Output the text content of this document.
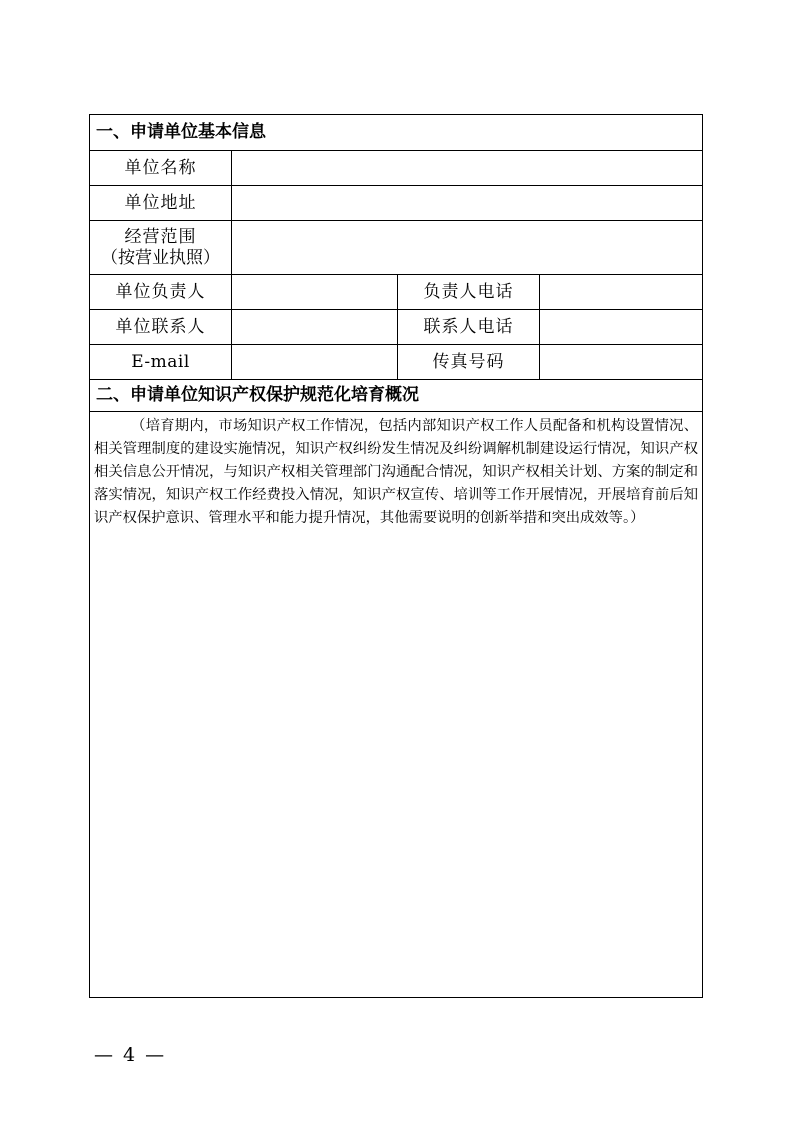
一、申请单位基本信息			
单位名称			
单位地址			

经营范围
（按营业执照）			

单位负责人		负责人电话	
单位联系人		联系人电话	
E-mail		传真号码	
二、申请单位知识产权保护规范化培育概况			

（培育期内，市场知识产权工作情况，包括内部知识产权工作人员配备和机构设置情况、相关管理制度的建设实施情况，知识产权纠纷发生情况及纠纷调解机制建设运行情况，知识产权相关信息公开情况，与知识产权相关管理部门沟通配合情况，知识产权相关计划、方案的制定和落实情况，知识产权工作经费投入情况，知识产权宣传、培训等工作开展情况，开展培育前后知识产权保护意识、管理水平和能力提升情况，其他需要说明的创新举措和突出成效等。）			
— 4 —
